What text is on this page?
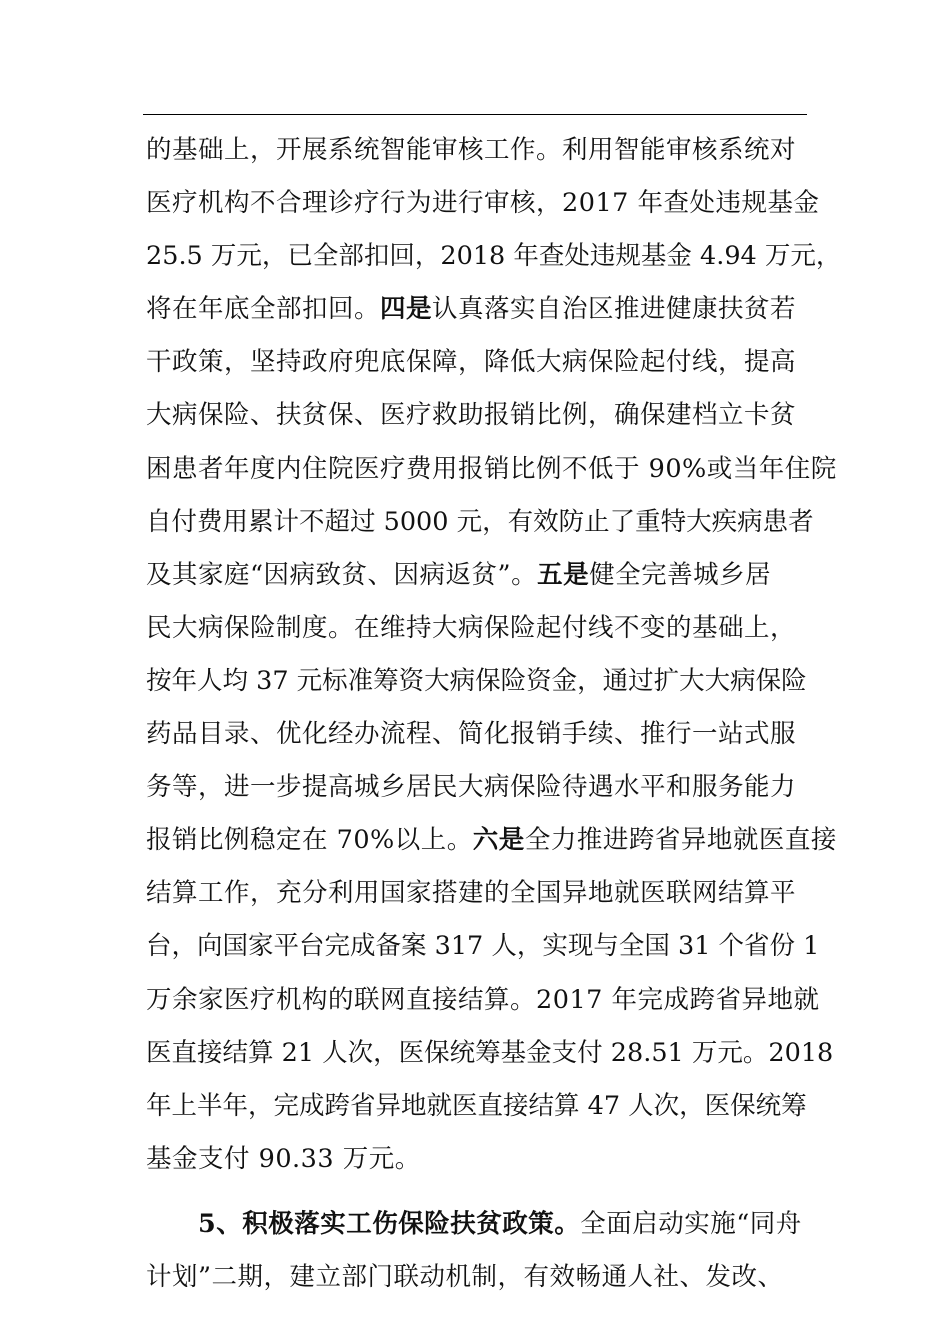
的基础上，开展系统智能审核工作。利用智能审核系统对
医疗机构不合理诊疗行为进行审核，2017 年查处违规基金
25.5 万元，已全部扣回，2018 年查处违规基金 4.94 万元，
将在年底全部扣回。四是认真落实自治区推进健康扶贫若
干政策，坚持政府兜底保障，降低大病保险起付线，提高
大病保险、扶贫保、医疗救助报销比例，确保建档立卡贫
困患者年度内住院医疗费用报销比例不低于 90%或当年住院
自付费用累计不超过 5000 元，有效防止了重特大疾病患者
及其家庭“因病致贫、因病返贫”。五是健全完善城乡居
民大病保险制度。在维持大病保险起付线不变的基础上，
按年人均 37 元标准筹资大病保险资金，通过扩大大病保险
药品目录、优化经办流程、简化报销手续、推行一站式服
务等，进一步提高城乡居民大病保险待遇水平和服务能力
报销比例稳定在 70%以上。六是全力推进跨省异地就医直接
结算工作，充分利用国家搭建的全国异地就医联网结算平
台，向国家平台完成备案 317 人，实现与全国 31 个省份 1
万余家医疗机构的联网直接结算。2017 年完成跨省异地就
医直接结算 21 人次，医保统筹基金支付 28.51 万元。2018
年上半年，完成跨省异地就医直接结算 47 人次，医保统筹
基金支付 90.33 万元。
5、积极落实工伤保险扶贫政策。全面启动实施“同舟
计划”二期，建立部门联动机制，有效畅通人社、发改、
